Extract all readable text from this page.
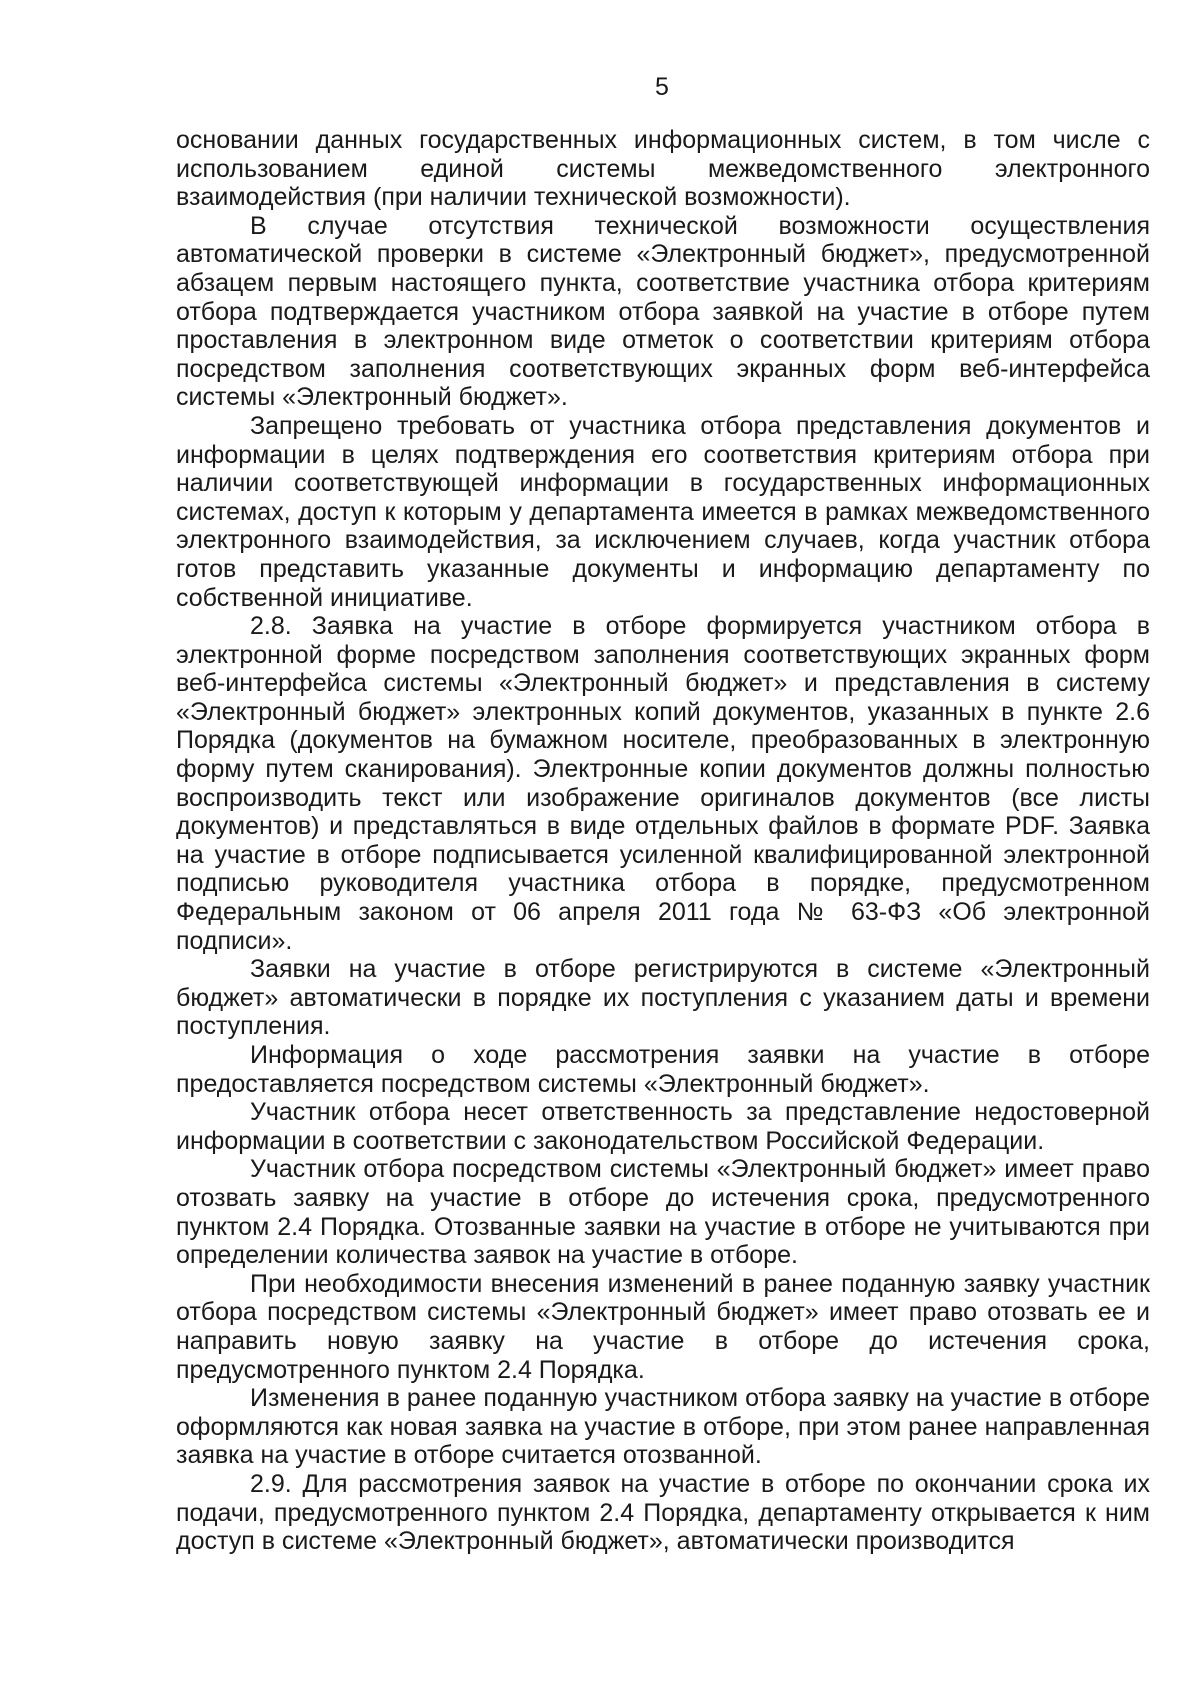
5

основании данных государственных информационных систем, в том числе с использованием единой системы межведомственного электронного взаимодействия (при наличии технической возможности).

В случае отсутствия технической возможности осуществления автоматической проверки в системе «Электронный бюджет», предусмотренной абзацем первым настоящего пункта, соответствие участника отбора критериям отбора подтверждается участником отбора заявкой на участие в отборе путем проставления в электронном виде отметок о соответствии критериям отбора посредством заполнения соответствующих экранных форм веб-интерфейса системы «Электронный бюджет».

Запрещено требовать от участника отбора представления документов и информации в целях подтверждения его соответствия критериям отбора при наличии соответствующей информации в государственных информационных системах, доступ к которым у департамента имеется в рамках межведомственного электронного взаимодействия, за исключением случаев, когда участник отбора готов представить указанные документы и информацию департаменту по собственной инициативе.

2.8. Заявка на участие в отборе формируется участником отбора в электронной форме посредством заполнения соответствующих экранных форм веб-интерфейса системы «Электронный бюджет» и представления в систему «Электронный бюджет» электронных копий документов, указанных в пункте 2.6 Порядка (документов на бумажном носителе, преобразованных в электронную форму путем сканирования). Электронные копии документов должны полностью воспроизводить текст или изображение оригиналов документов (все листы документов) и представляться в виде отдельных файлов в формате PDF. Заявка на участие в отборе подписывается усиленной квалифицированной электронной подписью руководителя участника отбора в порядке, предусмотренном Федеральным законом от 06 апреля 2011 года № 63-ФЗ «Об электронной подписи».

Заявки на участие в отборе регистрируются в системе «Электронный бюджет» автоматически в порядке их поступления с указанием даты и времени поступления.

Информация о ходе рассмотрения заявки на участие в отборе предоставляется посредством системы «Электронный бюджет».

Участник отбора несет ответственность за представление недостоверной информации в соответствии с законодательством Российской Федерации.

Участник отбора посредством системы «Электронный бюджет» имеет право отозвать заявку на участие в отборе до истечения срока, предусмотренного пунктом 2.4 Порядка. Отозванные заявки на участие в отборе не учитываются при определении количества заявок на участие в отборе.

При необходимости внесения изменений в ранее поданную заявку участник отбора посредством системы «Электронный бюджет» имеет право отозвать ее и направить новую заявку на участие в отборе до истечения срока, предусмотренного пунктом 2.4 Порядка.

Изменения в ранее поданную участником отбора заявку на участие в отборе оформляются как новая заявка на участие в отборе, при этом ранее направленная заявка на участие в отборе считается отозванной.

2.9. Для рассмотрения заявок на участие в отборе по окончании срока их подачи, предусмотренного пунктом 2.4 Порядка, департаменту открывается к ним доступ в системе «Электронный бюджет», автоматически производится
